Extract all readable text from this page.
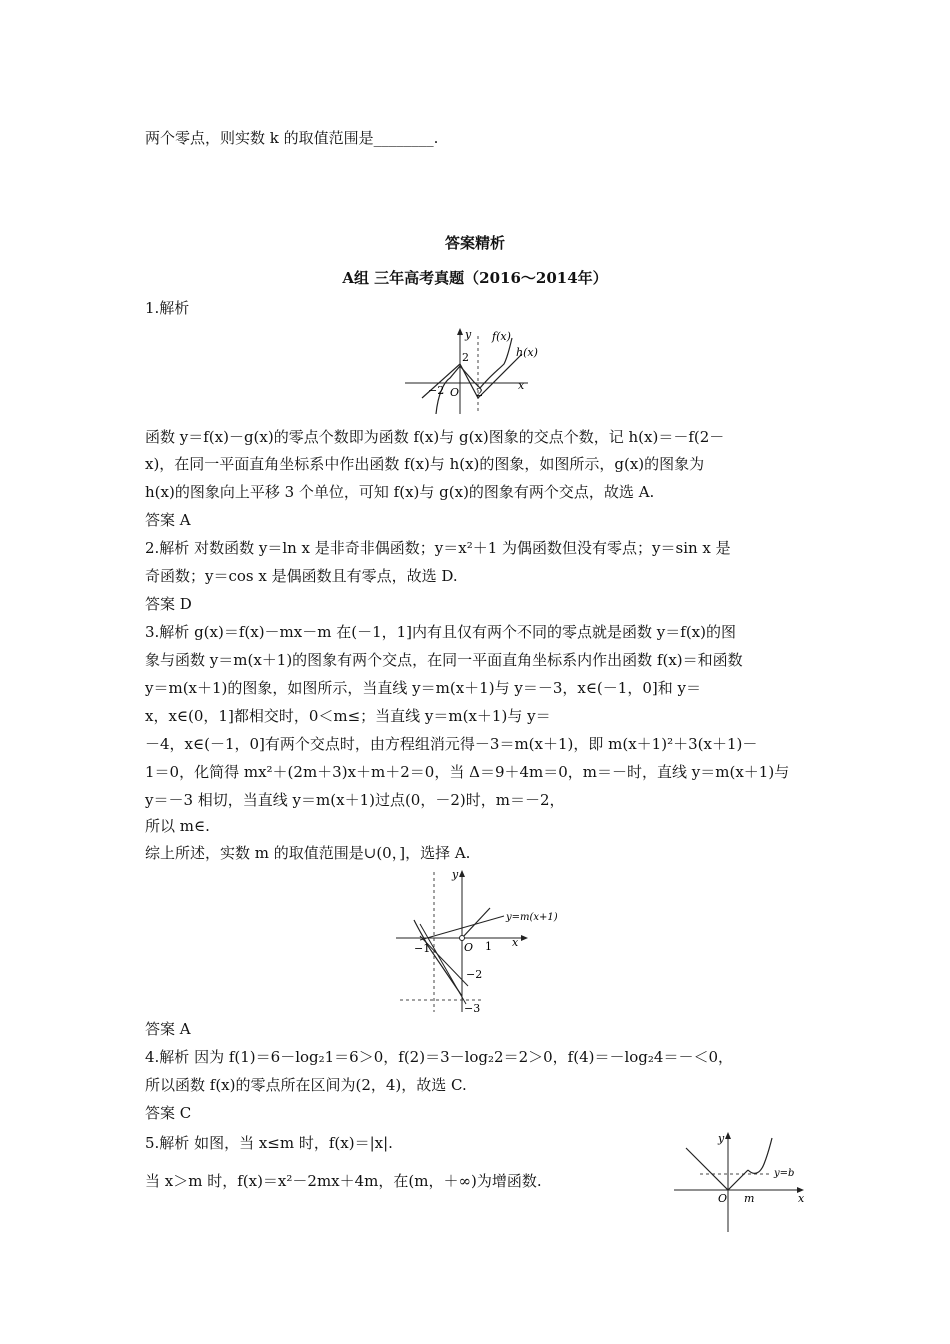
两个零点，则实数 k 的取值范围是________.
答案精析
A组 三年高考真题（2016～2014年）
1.解析
y
x
f(x)
h(x)
2
−2 O 2
函数 y＝f(x)－g(x)的零点个数即为函数 f(x)与 g(x)图象的交点个数，记 h(x)＝－f(2－
x)，在同一平面直角坐标系中作出函数 f(x)与 h(x)的图象，如图所示，g(x)的图象为
h(x)的图象向上平移 3 个单位，可知 f(x)与 g(x)的图象有两个交点，故选 A.
答案 A
2.解析 对数函数 y＝ln x 是非奇非偶函数；y＝x²＋1 为偶函数但没有零点；y＝sin x 是
奇函数；y＝cos x 是偶函数且有零点，故选 D.
答案 D
3.解析 g(x)＝f(x)－mx－m 在(－1，1]内有且仅有两个不同的零点就是函数 y＝f(x)的图
象与函数 y＝m(x＋1)的图象有两个交点，在同一平面直角坐标系内作出函数 f(x)＝和函数
y＝m(x＋1)的图象，如图所示，当直线 y＝m(x＋1)与 y＝－3，x∈(－1，0]和 y＝
x，x∈(0，1]都相交时，0＜m≤；当直线 y＝m(x＋1)与 y＝
－4，x∈(－1，0]有两个交点时，由方程组消元得－3＝m(x＋1)，即 m(x＋1)²＋3(x＋1)－
1＝0，化简得 mx²＋(2m＋3)x＋m＋2＝0，当 Δ＝9＋4m＝0，m＝－时，直线 y＝m(x＋1)与
y＝－3 相切，当直线 y＝m(x＋1)过点(0，－2)时，m＝－2，
所以 m∈.
综上所述，实数 m 的取值范围是∪(0，]，选择 A.
y
x
y=m(x+1)
1
−1	O
−2
−3
答案 A
4.解析 因为 f(1)＝6－log₂1＝6＞0，f(2)＝3－log₂2＝2＞0，f(4)＝－log₂4＝－＜0，
所以函数 f(x)的零点所在区间为(2，4)，故选 C.
答案 C
5.解析 如图，当 x≤m 时，f(x)＝|x|.
当 x＞m 时，f(x)＝x²－2mx＋4m，在(m，＋∞)为增函数.
y
x
O m
y=b
